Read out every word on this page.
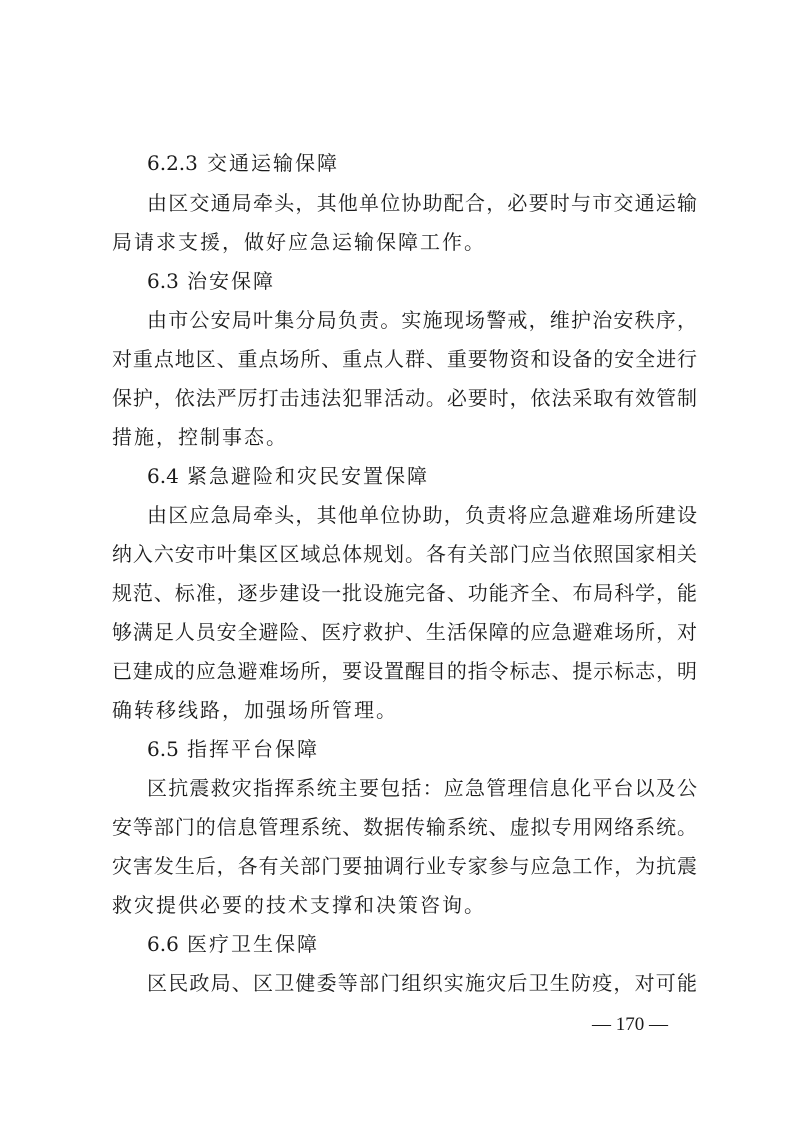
6.2.3 交通运输保障
由区交通局牵头，其他单位协助配合，必要时与市交通运输
局请求支援，做好应急运输保障工作。
6.3 治安保障
由市公安局叶集分局负责。实施现场警戒，维护治安秩序，
对重点地区、重点场所、重点人群、重要物资和设备的安全进行
保护，依法严厉打击违法犯罪活动。必要时，依法采取有效管制
措施，控制事态。
6.4 紧急避险和灾民安置保障
由区应急局牵头，其他单位协助，负责将应急避难场所建设
纳入六安市叶集区区域总体规划。各有关部门应当依照国家相关
规范、标准，逐步建设一批设施完备、功能齐全、布局科学，能
够满足人员安全避险、医疗救护、生活保障的应急避难场所，对
已建成的应急避难场所，要设置醒目的指令标志、提示标志，明
确转移线路，加强场所管理。
6.5 指挥平台保障
区抗震救灾指挥系统主要包括：应急管理信息化平台以及公
安等部门的信息管理系统、数据传输系统、虚拟专用网络系统。
灾害发生后，各有关部门要抽调行业专家参与应急工作，为抗震
救灾提供必要的技术支撑和决策咨询。
6.6 医疗卫生保障
区民政局、区卫健委等部门组织实施灾后卫生防疫，对可能
— 170 —
